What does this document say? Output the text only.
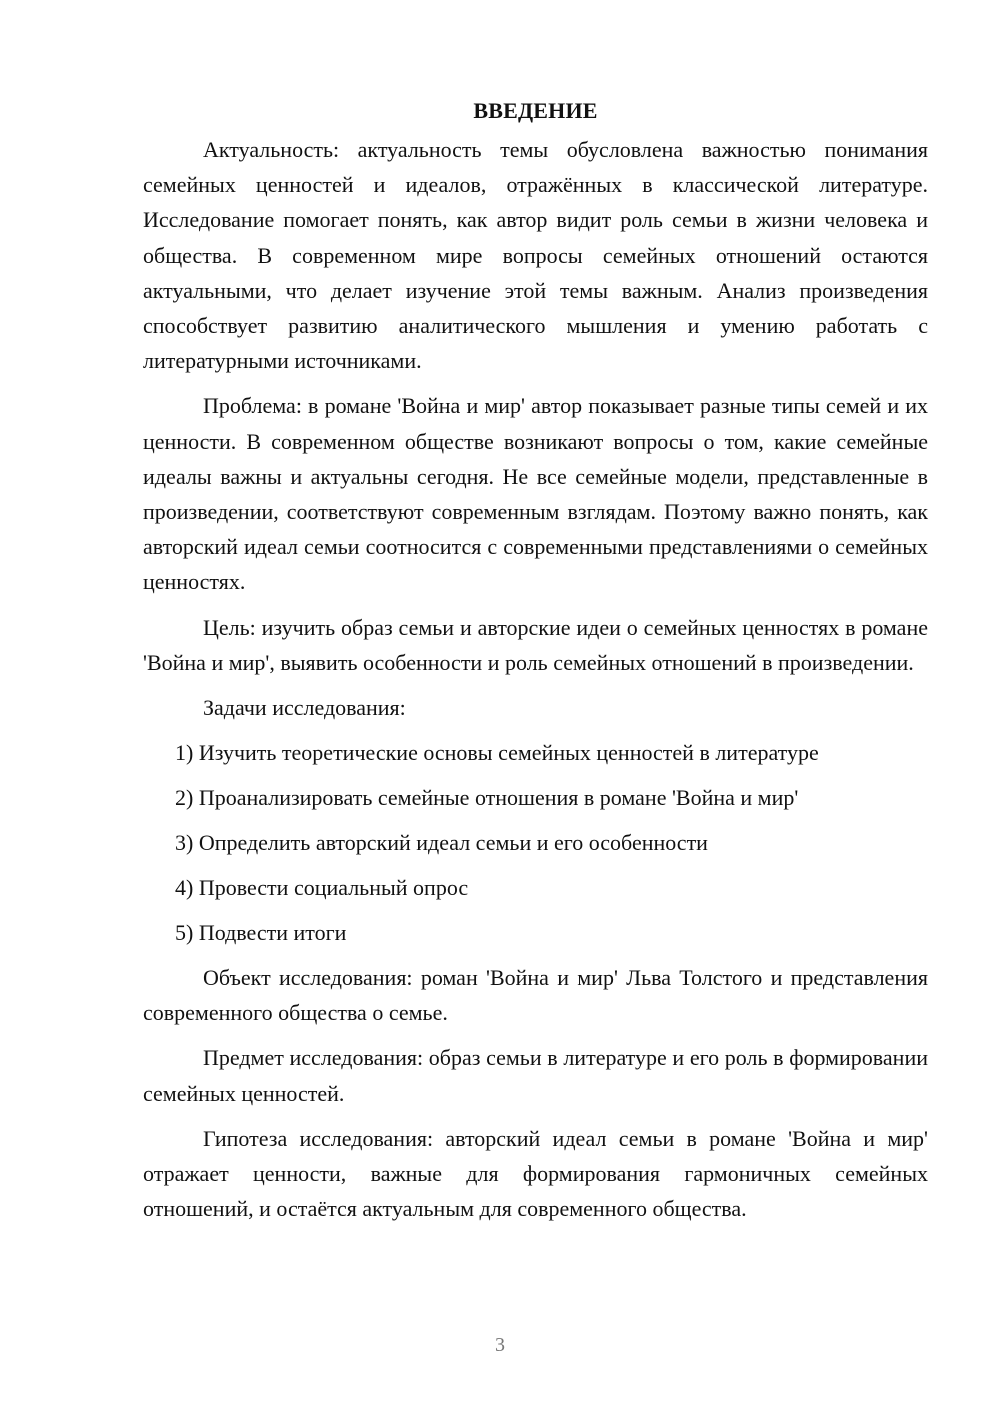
ВВЕДЕНИЕ

Актуальность: актуальность темы обусловлена важностью понимания семейных ценностей и идеалов, отражённых в классической литературе. Исследование помогает понять, как автор видит роль семьи в жизни человека и общества. В современном мире вопросы семейных отношений остаются актуальными, что делает изучение этой темы важным. Анализ произведения способствует развитию аналитического мышления и умению работать с литературными источниками.

Проблема: в романе 'Война и мир' автор показывает разные типы семей и их ценности. В современном обществе возникают вопросы о том, какие семейные идеалы важны и актуальны сегодня. Не все семейные модели, представленные в произведении, соответствуют современным взглядам. Поэтому важно понять, как авторский идеал семьи соотносится с современными представлениями о семейных ценностях.

Цель: изучить образ семьи и авторские идеи о семейных ценностях в романе 'Война и мир', выявить особенности и роль семейных отношений в произведении.

Задачи исследования:
1) Изучить теоретические основы семейных ценностей в литературе
2) Проанализировать семейные отношения в романе 'Война и мир'
3) Определить авторский идеал семьи и его особенности
4) Провести социальный опрос
5) Подвести итоги

Объект исследования: роман 'Война и мир' Льва Толстого и представления современного общества о семье.

Предмет исследования: образ семьи в литературе и его роль в формировании семейных ценностей.

Гипотеза исследования: авторский идеал семьи в романе 'Война и мир' отражает ценности, важные для формирования гармоничных семейных отношений, и остаётся актуальным для современного общества.

3
